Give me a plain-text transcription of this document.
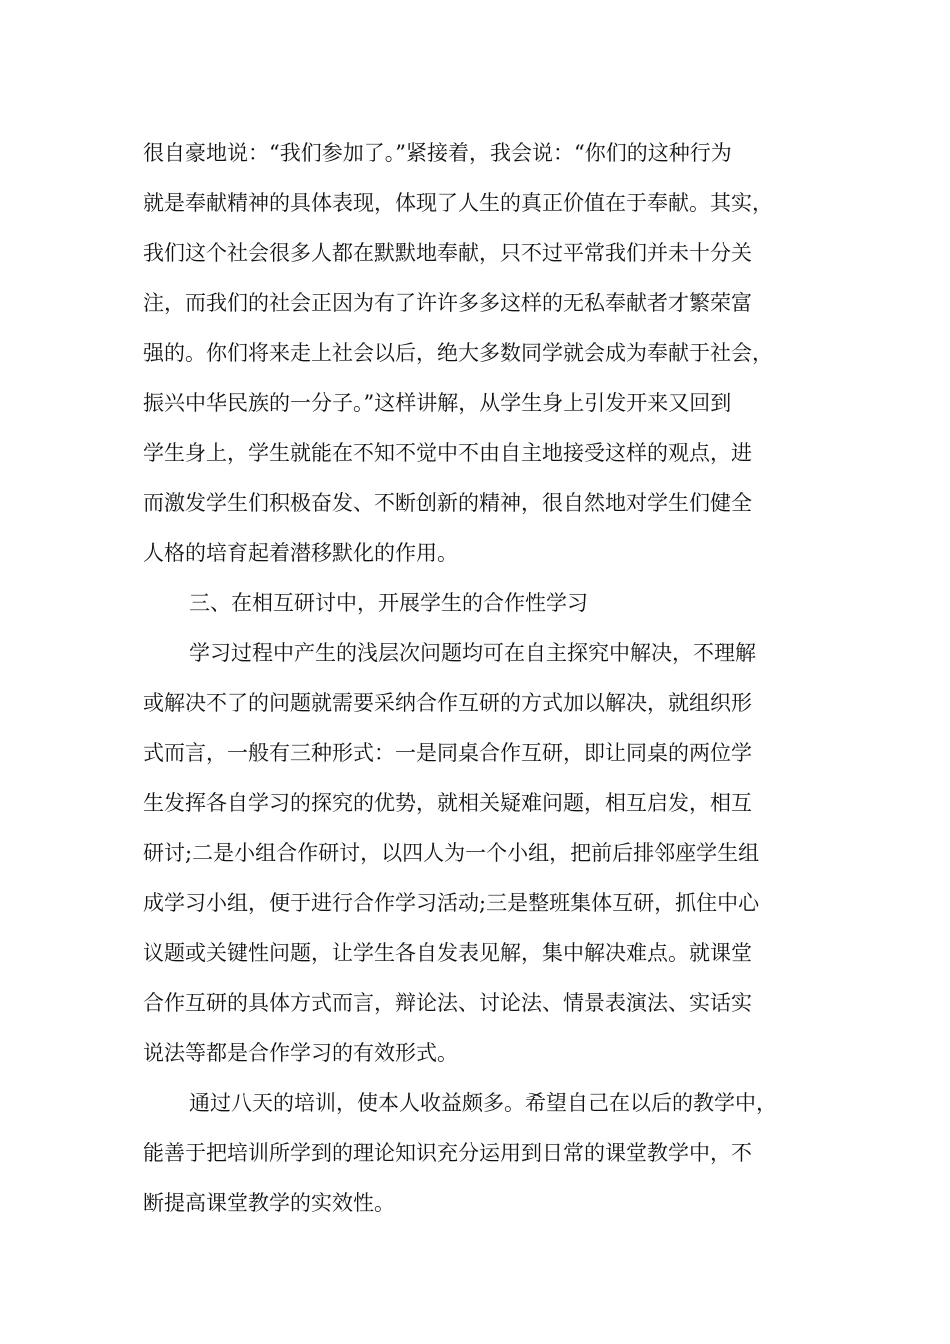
很自豪地说：“我们参加了。”紧接着，我会说：“你们的这种行为
就是奉献精神的具体表现，体现了人生的真正价值在于奉献。其实，
我们这个社会很多人都在默默地奉献，只不过平常我们并未十分关
注，而我们的社会正因为有了许许多多这样的无私奉献者才繁荣富
强的。你们将来走上社会以后，绝大多数同学就会成为奉献于社会，
振兴中华民族的一分子。”这样讲解，从学生身上引发开来又回到
学生身上，学生就能在不知不觉中不由自主地接受这样的观点，进
而激发学生们积极奋发、不断创新的精神，很自然地对学生们健全
人格的培育起着潜移默化的作用。
三、在相互研讨中，开展学生的合作性学习
学习过程中产生的浅层次问题均可在自主探究中解决，不理解
或解决不了的问题就需要采纳合作互研的方式加以解决，就组织形
式而言，一般有三种形式：一是同桌合作互研，即让同桌的两位学
生发挥各自学习的探究的优势，就相关疑难问题，相互启发，相互
研讨;二是小组合作研讨，以四人为一个小组，把前后排邻座学生组
成学习小组，便于进行合作学习活动;三是整班集体互研，抓住中心
议题或关键性问题，让学生各自发表见解，集中解决难点。就课堂
合作互研的具体方式而言，辩论法、讨论法、情景表演法、实话实
说法等都是合作学习的有效形式。
通过八天的培训，使本人收益颇多。希望自己在以后的教学中，
能善于把培训所学到的理论知识充分运用到日常的课堂教学中，不
断提高课堂教学的实效性。
